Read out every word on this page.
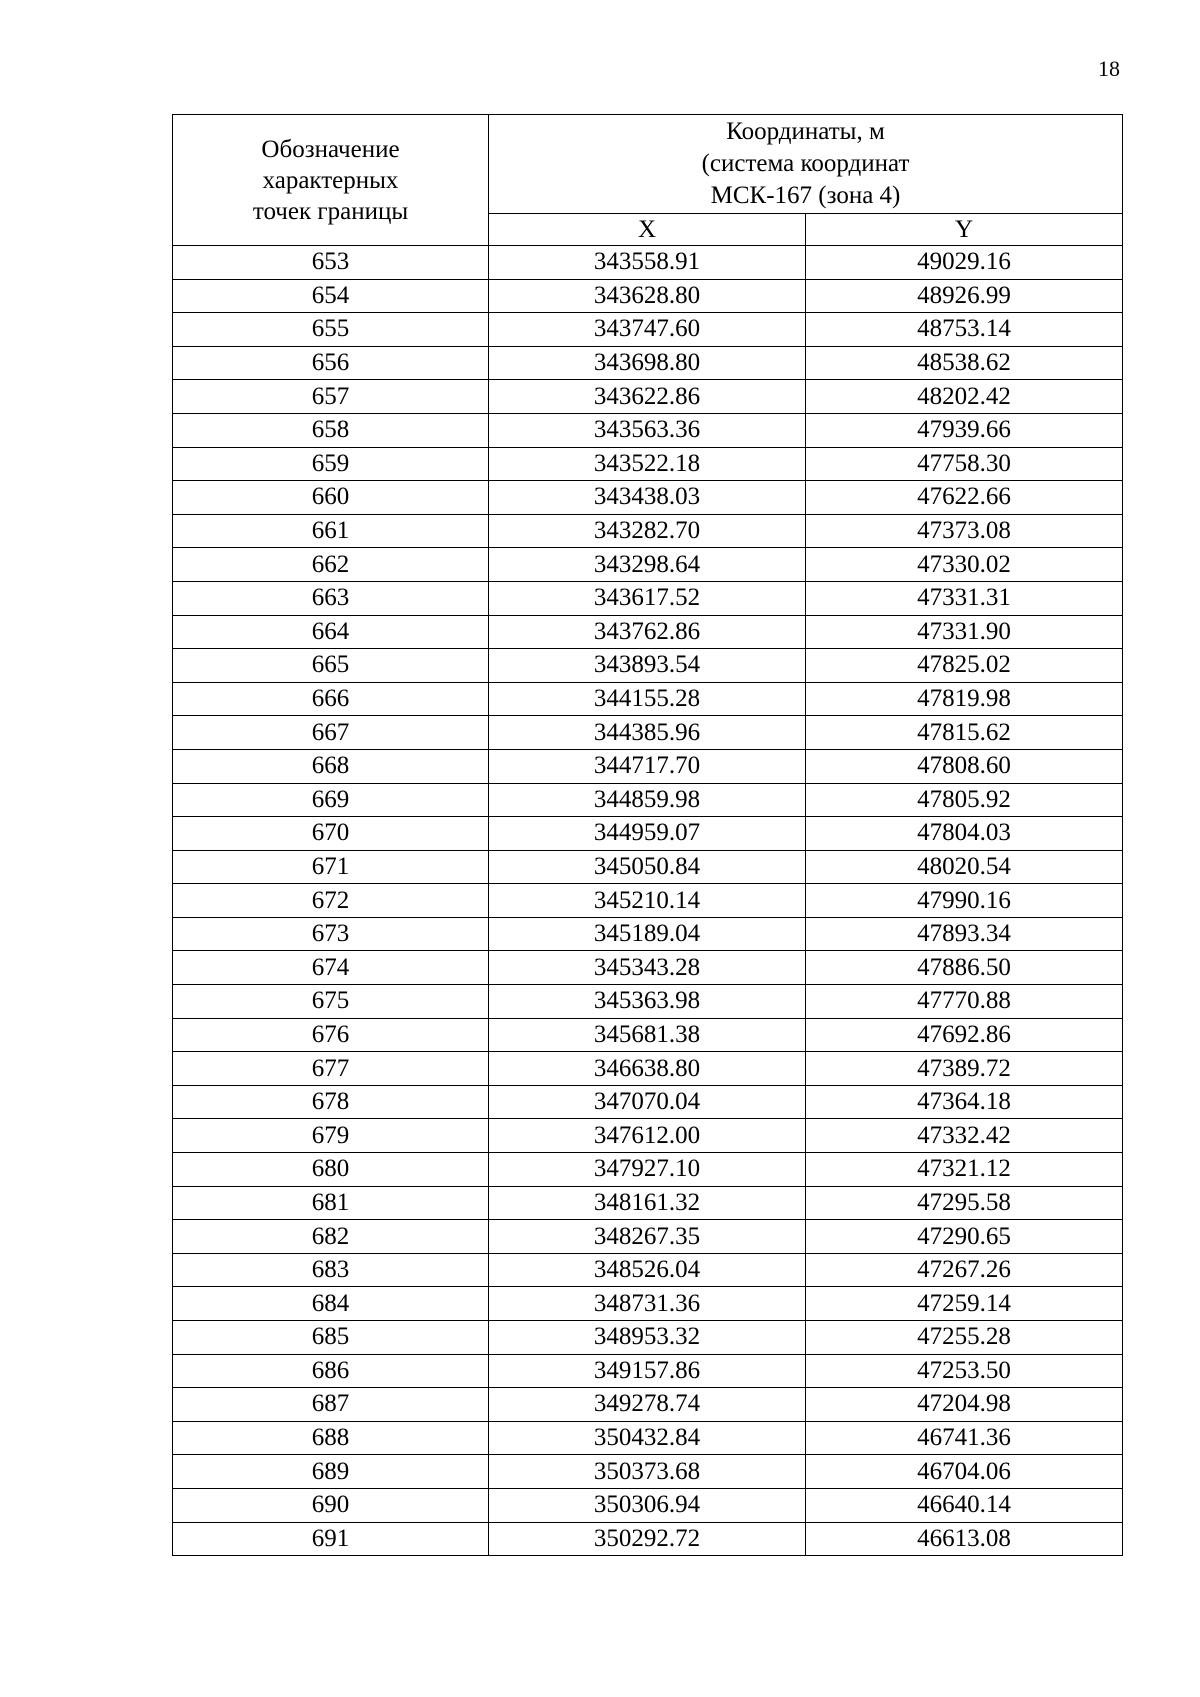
18
Обозначение
характерных
точек границы	Координаты, м
(система координат
МСК-167 (зона 4)	

	X	Y
653	343558.91	49029.16
654	343628.80	48926.99
655	343747.60	48753.14
656	343698.80	48538.62
657	343622.86	48202.42
658	343563.36	47939.66
659	343522.18	47758.30
660	343438.03	47622.66
661	343282.70	47373.08
662	343298.64	47330.02
663	343617.52	47331.31
664	343762.86	47331.90
665	343893.54	47825.02
666	344155.28	47819.98
667	344385.96	47815.62
668	344717.70	47808.60
669	344859.98	47805.92
670	344959.07	47804.03
671	345050.84	48020.54
672	345210.14	47990.16
673	345189.04	47893.34
674	345343.28	47886.50
675	345363.98	47770.88
676	345681.38	47692.86
677	346638.80	47389.72
678	347070.04	47364.18
679	347612.00	47332.42
680	347927.10	47321.12
681	348161.32	47295.58
682	348267.35	47290.65
683	348526.04	47267.26
684	348731.36	47259.14
685	348953.32	47255.28
686	349157.86	47253.50
687	349278.74	47204.98
688	350432.84	46741.36
689	350373.68	46704.06
690	350306.94	46640.14
691	350292.72	46613.08
